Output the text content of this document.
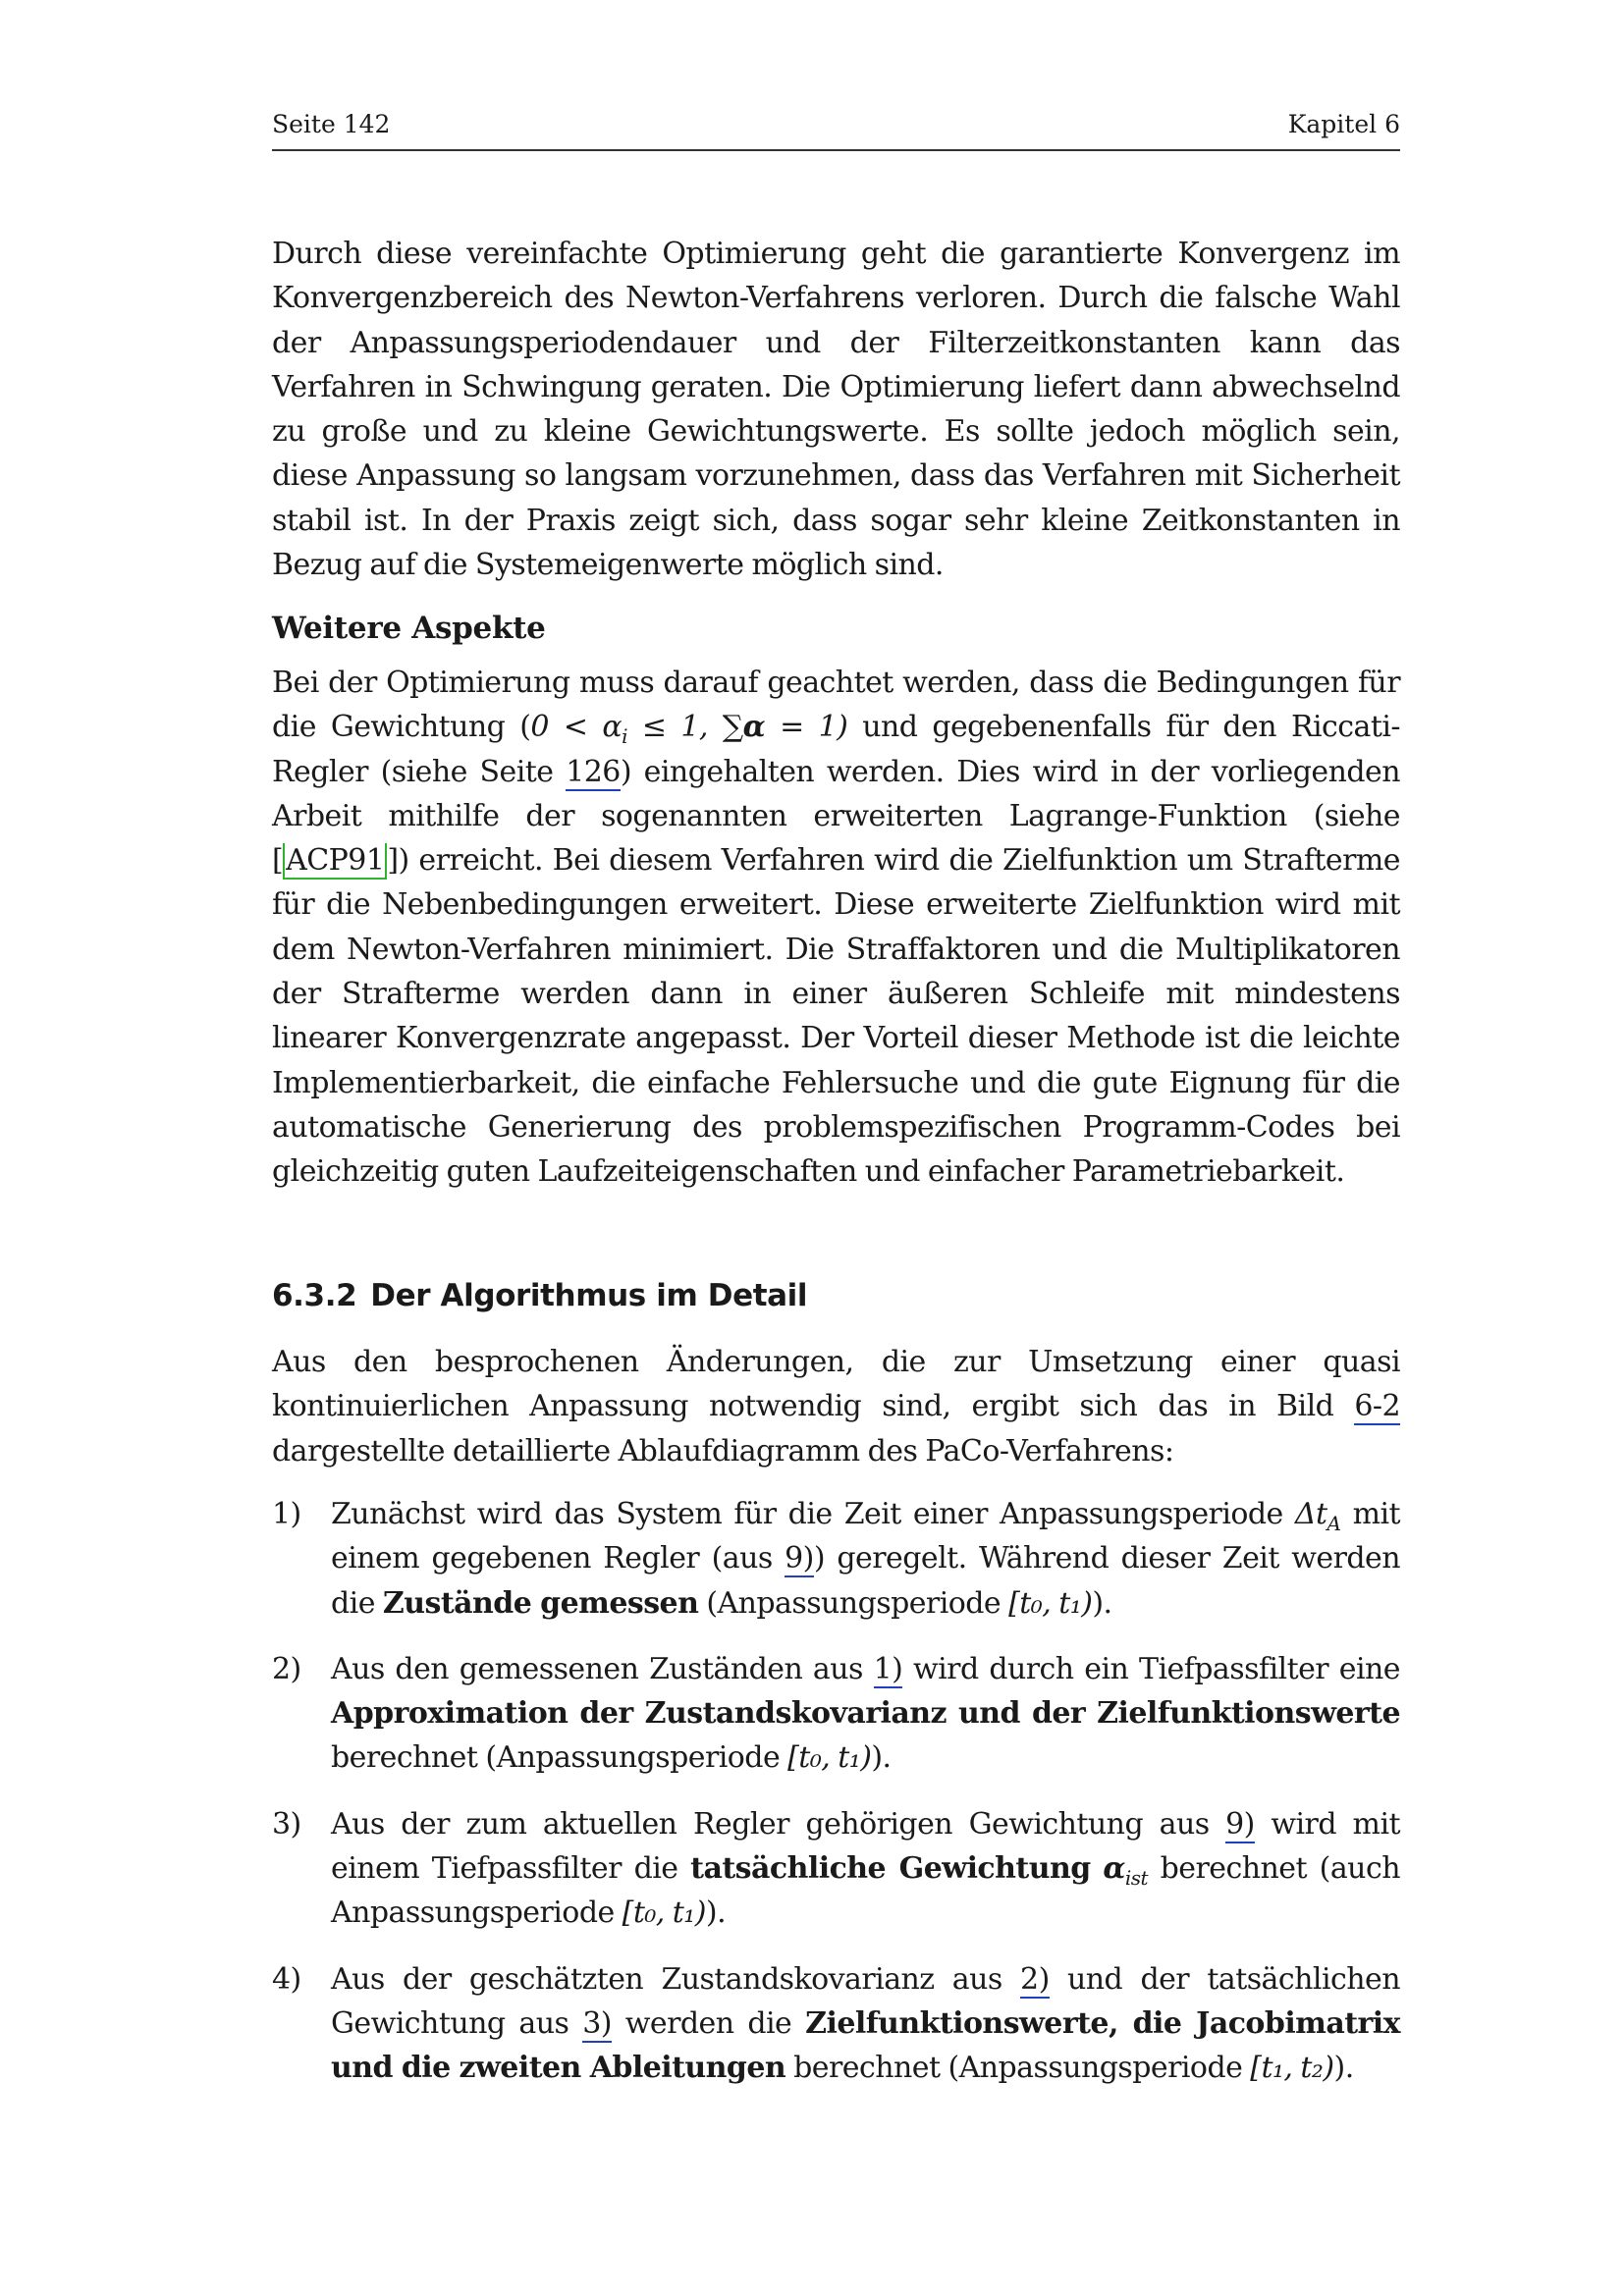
Seite 142	Kapitel 6
Durch diese vereinfachte Optimierung geht die garantierte Konvergenz im Konvergenzbereich des Newton-Verfahrens verloren. Durch die falsche Wahl der Anpassungsperiodendauer und der Filterzeitkonstanten kann das Verfahren in Schwingung geraten. Die Optimierung liefert dann abwechselnd zu große und zu kleine Gewichtungswerte. Es sollte jedoch möglich sein, diese Anpassung so langsam vorzunehmen, dass das Verfahren mit Sicherheit stabil ist. In der Praxis zeigt sich, dass sogar sehr kleine Zeitkonstanten in Bezug auf die Systemeigenwerte möglich sind.
Weitere Aspekte
Bei der Optimierung muss darauf geachtet werden, dass die Bedingungen für die Gewichtung ($0 < \alpha_i \le 1$, ∑α = 1) und gegebenenfalls für den Riccati-Regler (siehe Seite 126) eingehalten werden. Dies wird in der vorliegenden Arbeit mithilfe der sogenannten erweiterten Lagrange-Funktion (siehe [ ACP91 ]) erreicht. Bei diesem Verfahren wird die Zielfunktion um Strafterme für die Nebenbedingungen erweitert. Diese erweiterte Zielfunktion wird mit dem Newton-Verfahren minimiert. Die Straffaktoren und die Multiplikatoren der Strafterme werden dann in einer äußeren Schleife mit mindestens linearer Konvergenzrate angepasst. Der Vorteil dieser Methode ist die leichte Implementierbarkeit, die einfache Fehlersuche und die gute Eignung für die automatische Generierung des problemspezifischen Programm-Codes bei gleichzeitig guten Laufzeiteigenschaften und einfacher Parametriebarkeit.
6.3.2 Der Algorithmus im Detail
Aus den besprochenen Änderungen, die zur Umsetzung einer quasi kontinuierlichen Anpassung notwendig sind, ergibt sich das in Bild 6-2 dargestellte detaillierte Ablaufdiagramm des PaCo-Verfahrens:
1) Zunächst wird das System für die Zeit einer Anpassungsperiode $\Delta t_A$ mit einem gegebenen Regler (aus 9)) geregelt. Während dieser Zeit werden die Zustände gemessen (Anpassungsperiode [t₀, t₁)).
2) Aus den gemessenen Zuständen aus 1) wird durch ein Tiefpassfilter eine Approximation der Zustandskovarianz und der Zielfunktionswerte berechnet (Anpassungsperiode [t₀, t₁)).
3) Aus der zum aktuellen Regler gehörigen Gewichtung aus 9) wird mit einem Tiefpassfilter die tatsächliche Gewichtung $\alpha_{ist}$ berechnet (auch Anpassungsperiode [t₀, t₁)).
4) Aus der geschätzten Zustandskovarianz aus 2) und der tatsächlichen Gewichtung aus 3) werden die Zielfunktionswerte, die Jacobimatrix und die zweiten Ableitungen berechnet (Anpassungsperiode [t₁, t₂)).
